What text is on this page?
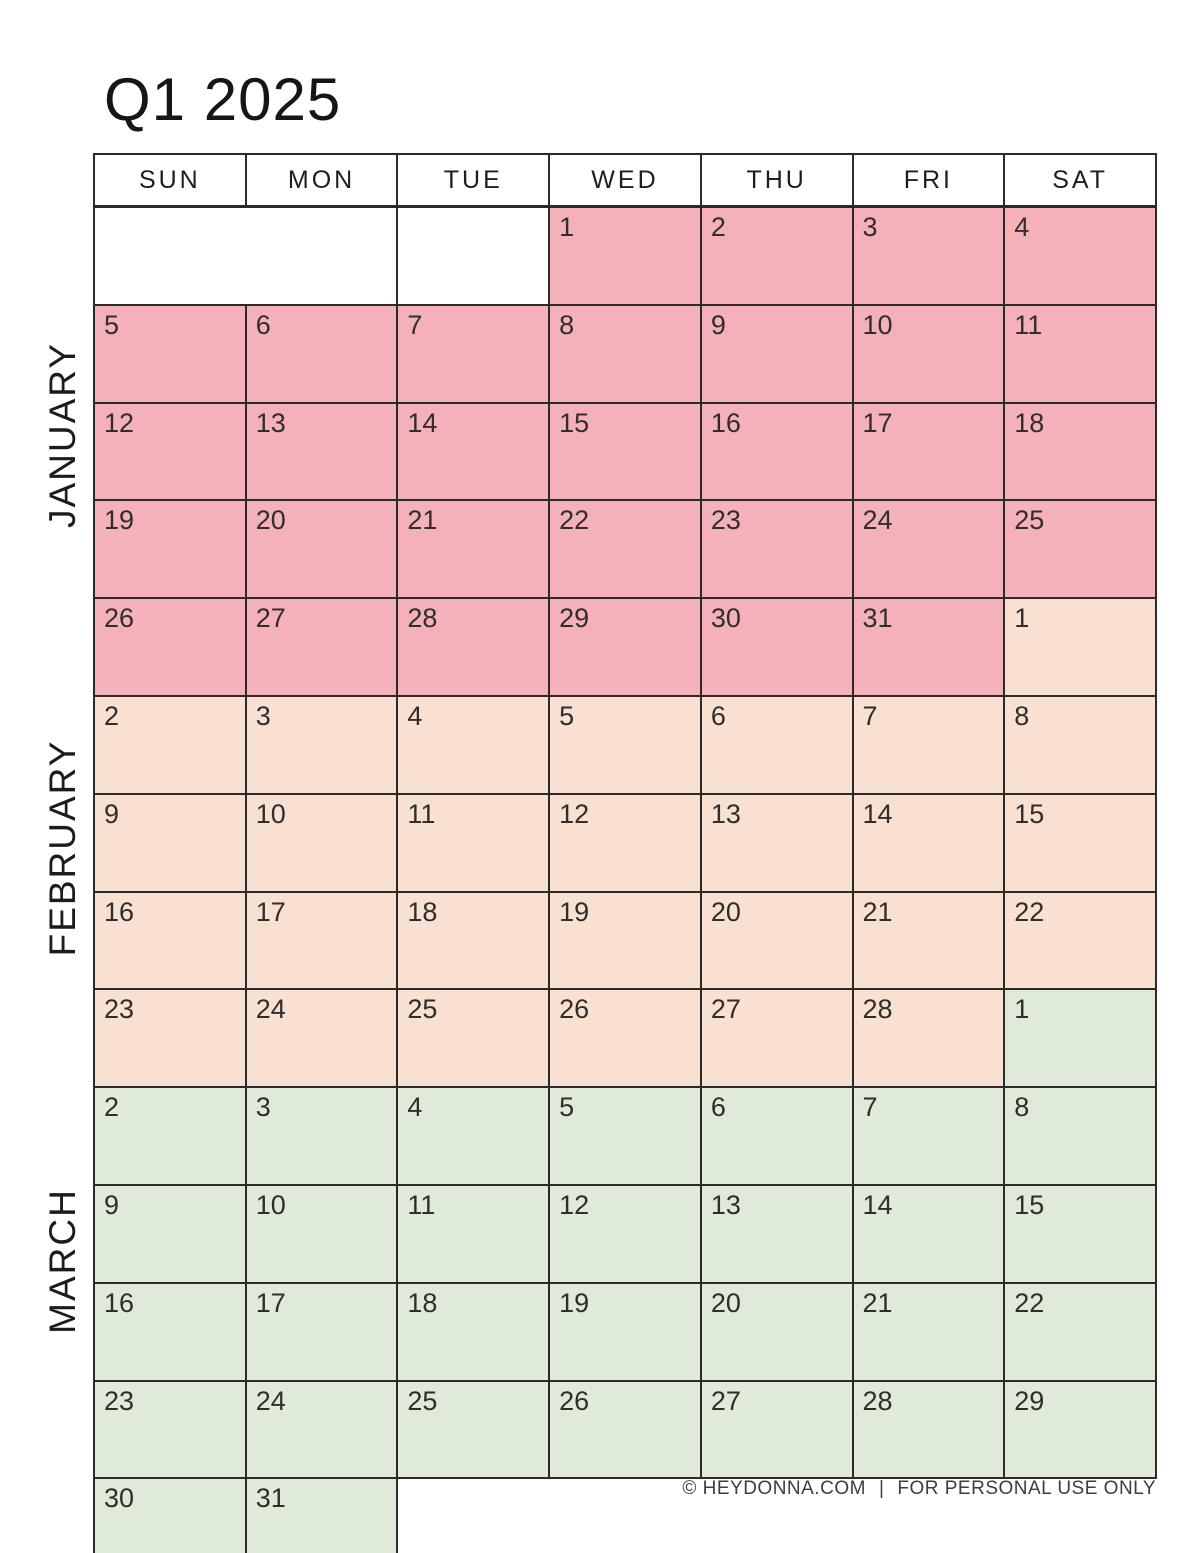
Q1 2025
JANUARY
FEBRUARY
MARCH
SUN	MON	TUE	WED	THU	FRI	SAT
			1	2	3	4
5	6	7	8	9	10	11
12	13	14	15	16	17	18
19	20	21	22	23	24	25
26	27	28	29	30	31	1
2	3	4	5	6	7	8
9	10	11	12	13	14	15
16	17	18	19	20	21	22
23	24	25	26	27	28	1
2	3	4	5	6	7	8
9	10	11	12	13	14	15
16	17	18	19	20	21	22
23	24	25	26	27	28	29
30	31						© HEYDONNA.COM | FOR PERSONAL USE ONLY
